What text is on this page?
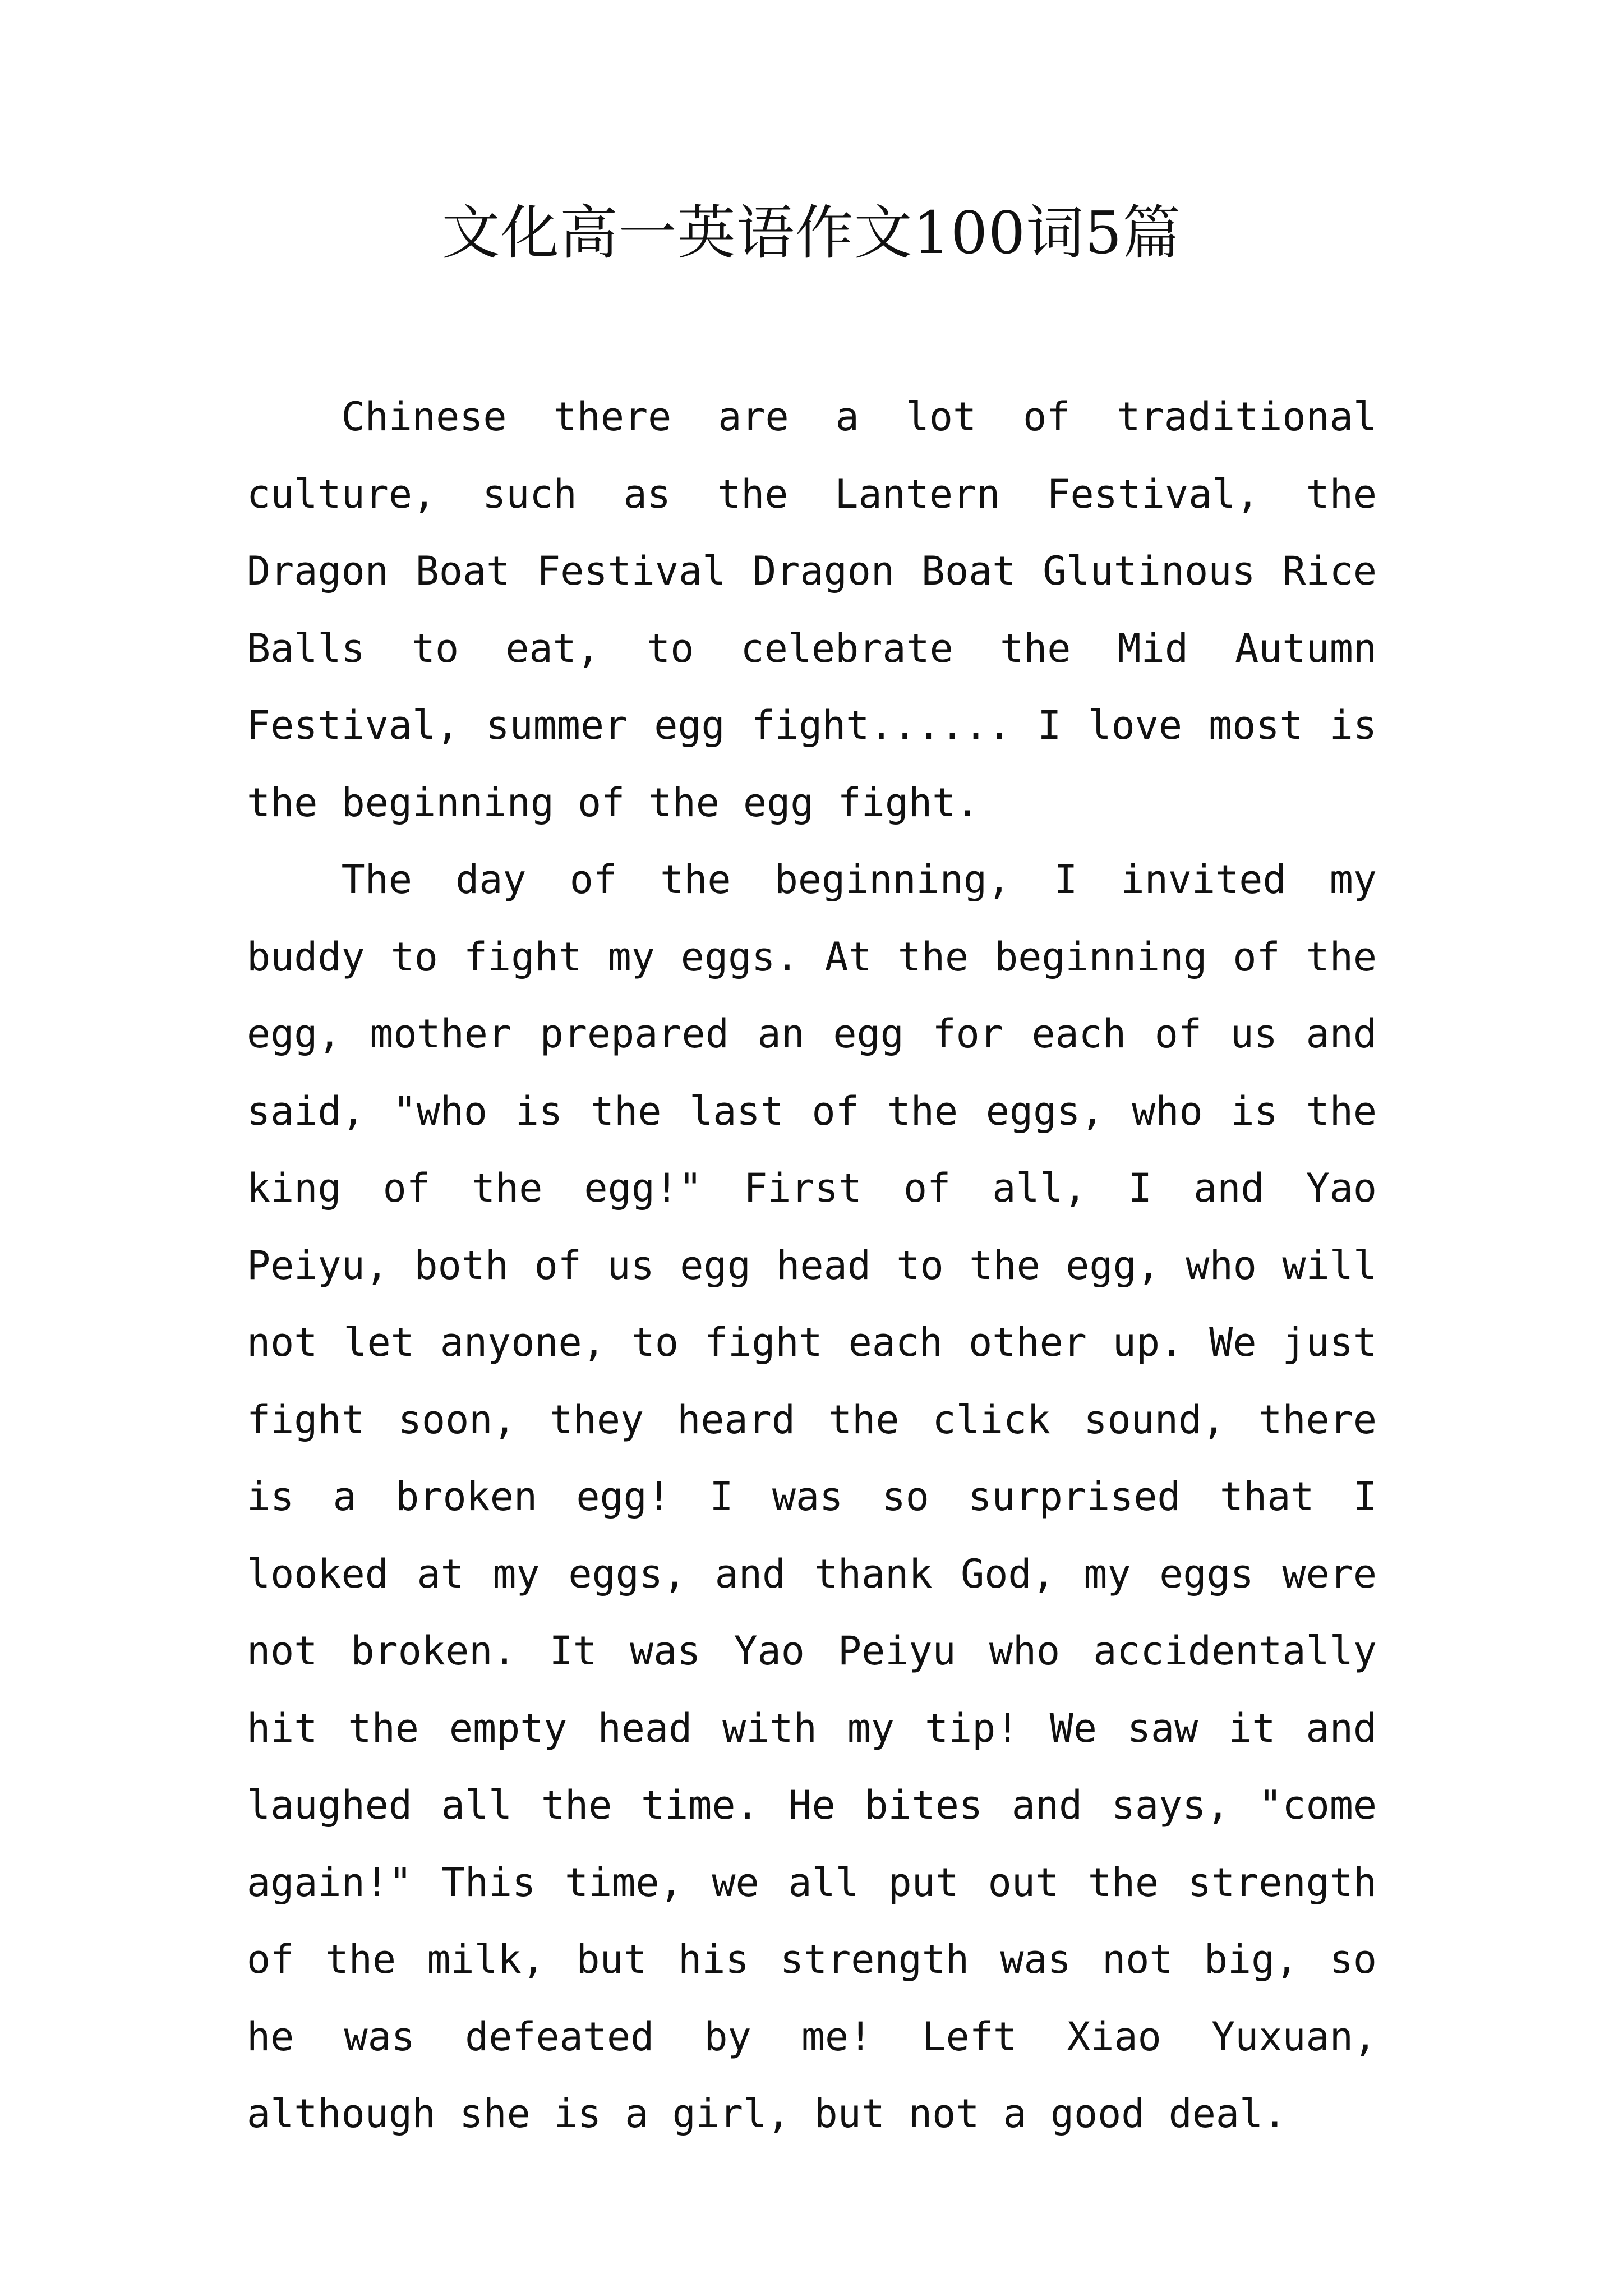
文化高一英语作文100词5篇

Chinese there are a lot of traditional culture, such as the Lantern Festival, the Dragon Boat Festival Dragon Boat Glutinous Rice Balls to eat, to celebrate the Mid Autumn Festival, summer egg fight...... I love most is the beginning of the egg fight.

The day of the beginning, I invited my buddy to fight my eggs. At the beginning of the egg, mother prepared an egg for each of us and said, "who is the last of the eggs, who is the king of the egg!" First of all, I and Yao Peiyu, both of us egg head to the egg, who will not let anyone, to fight each other up. We just fight soon, they heard the click sound, there is a broken egg! I was so surprised that I looked at my eggs, and thank God, my eggs were not broken. It was Yao Peiyu who accidentally hit the empty head with my tip! We saw it and laughed all the time. He bites and says, "come again!" This time, we all put out the strength of the milk, but his strength was not big, so he was defeated by me! Left Xiao Yuxuan, although she is a girl, but not a good deal.
